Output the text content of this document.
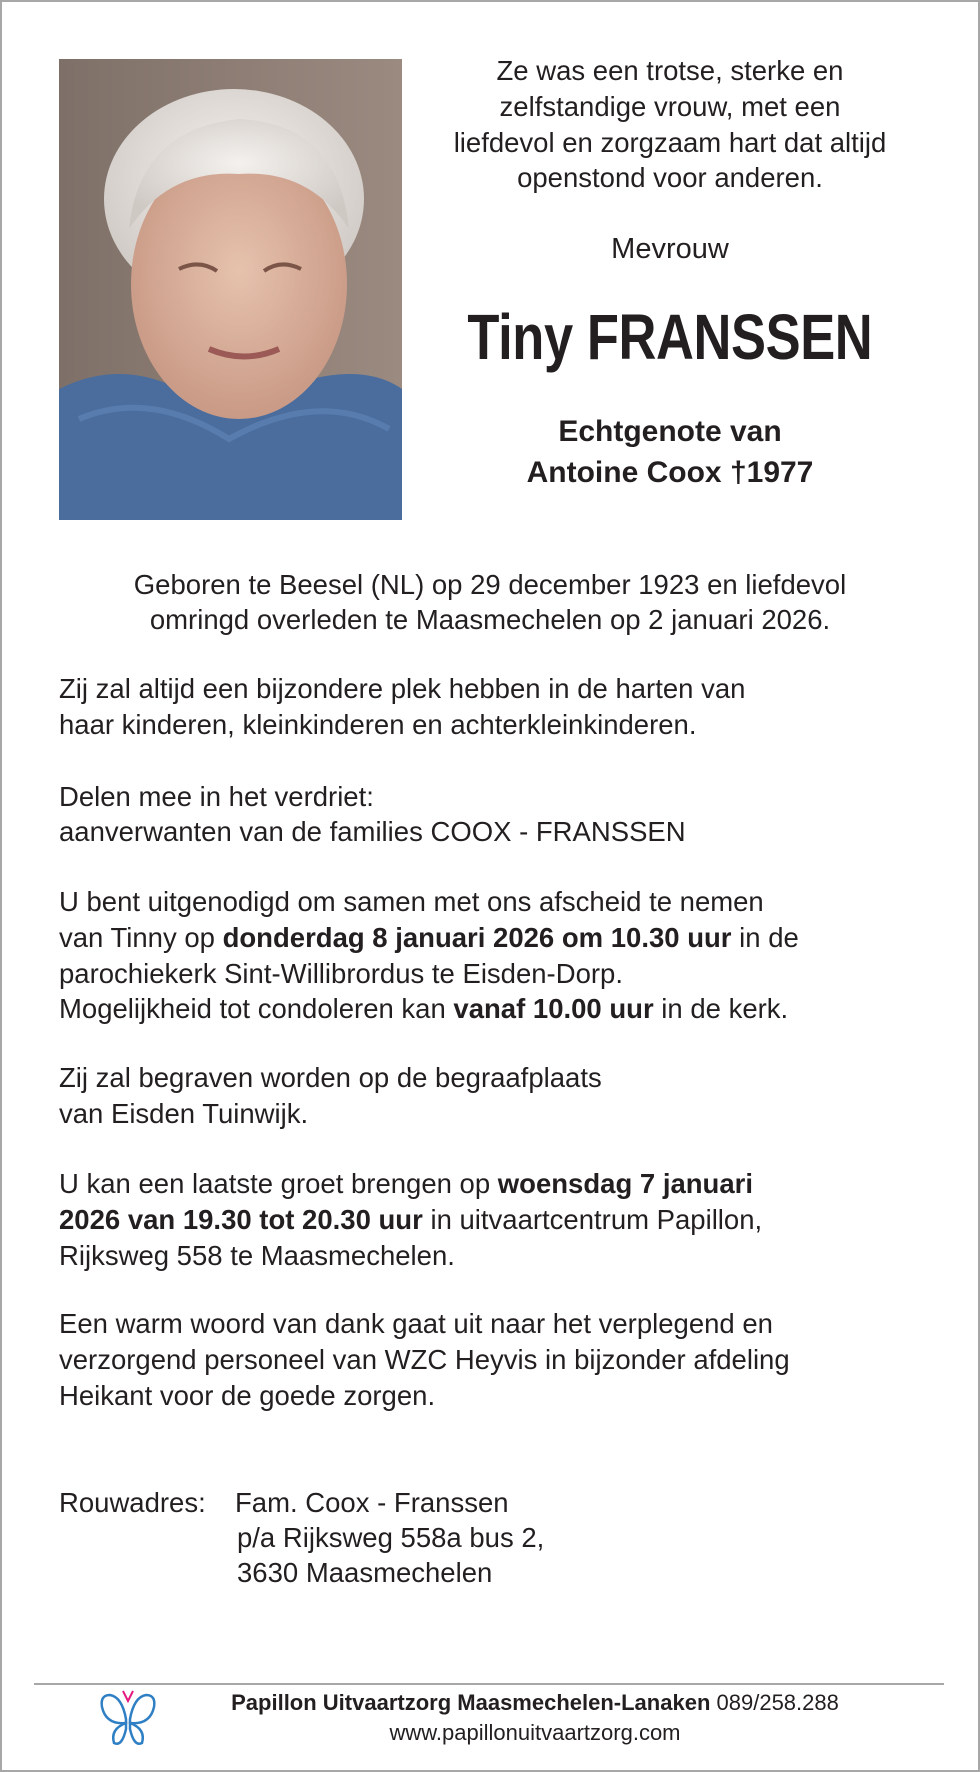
Ze was een trotse, sterke en
zelfstandige vrouw, met een
liefdevol en zorgzaam hart dat altijd
openstond voor anderen.
Mevrouw
Tiny FRANSSEN
Echtgenote van
Antoine Coox †1977
Geboren te Beesel (NL) op 29 december 1923 en liefdevol
omringd overleden te Maasmechelen op 2 januari 2026.
Zij zal altijd een bijzondere plek hebben in de harten van
haar kinderen, kleinkinderen en achterkleinkinderen.
Delen mee in het verdriet:
aanverwanten van de families COOX - FRANSSEN
U bent uitgenodigd om samen met ons afscheid te nemen
van Tinny op donderdag 8 januari 2026 om 10.30 uur in de
parochiekerk Sint-Willibrordus te Eisden-Dorp.
Mogelijkheid tot condoleren kan vanaf 10.00 uur in de kerk.
Zij zal begraven worden op de begraafplaats
van Eisden Tuinwijk.
U kan een laatste groet brengen op woensdag 7 januari
2026 van 19.30 tot 20.30 uur in uitvaartcentrum Papillon,
Rijksweg 558 te Maasmechelen.
Een warm woord van dank gaat uit naar het verplegend en
verzorgend personeel van WZC Heyvis in bijzonder afdeling
Heikant voor de goede zorgen.
Rouwadres: Fam. Coox - Franssen
p/a Rijksweg 558a bus 2,
3630 Maasmechelen
Papillon Uitvaartzorg Maasmechelen-Lanaken 089/258.288
www.papillonuitvaartzorg.com
